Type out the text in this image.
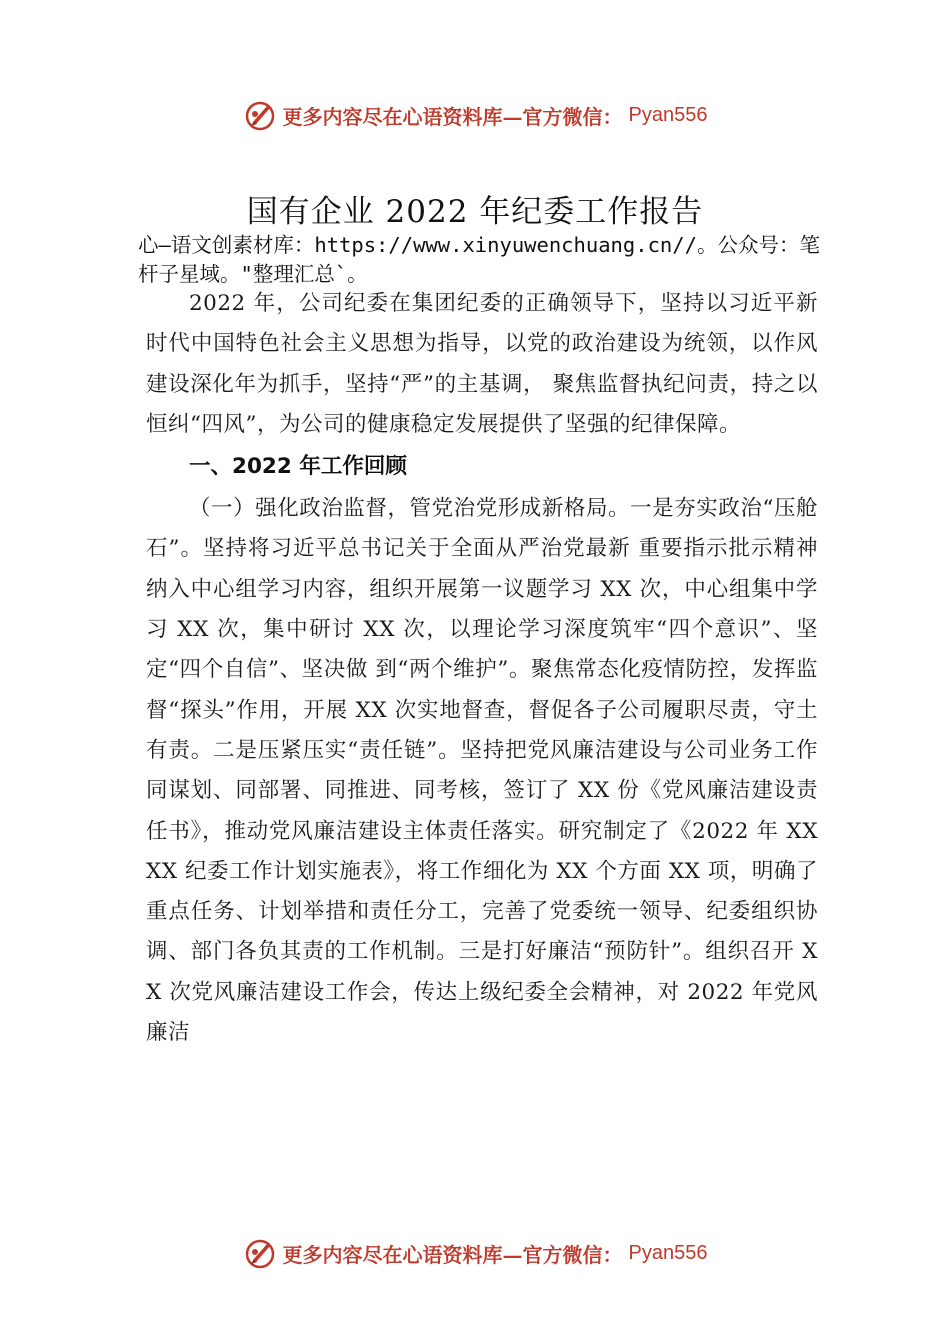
更多内容尽在心语资料库—官方微信： Pyan556
国有企业 2022 年纪委工作报告

心—语文创素材库：https://www.xinyuwenchuang.cn//。公众号：笔杆子星域。"整理汇总`。

2022 年，公司纪委在集团纪委的正确领导下，坚持以习近平新时代中国特色社会主义思想为指导，以党的政治建设为统领，以作风建设深化年为抓手，坚持“严”的主基调， 聚焦监督执纪问责，持之以恒纠“四风”，为公司的健康稳定发展提供了坚强的纪律保障。

一、2022 年工作回顾

（一）强化政治监督，管党治党形成新格局。一是夯实政治“压舱石”。坚持将习近平总书记关于全面从严治党最新 重要指示批示精神纳入中心组学习内容，组织开展第一议题学习 XX 次，中心组集中学习 XX 次，集中研讨 XX 次，以理论学习深度筑牢“四个意识”、坚定“四个自信”、坚决做 到“两个维护”。聚焦常态化疫情防控，发挥监督“探头”作用，开展 XX 次实地督查，督促各子公司履职尽责，守土有责。二是压紧压实“责任链”。坚持把党风廉洁建设与公司业务工作同谋划、同部署、同推进、同考核，签订了 XX 份《党风廉洁建设责任书》，推动党风廉洁建设主体责任落实。研究制定了《2022 年 XXXX 纪委工作计划实施表》，将工作细化为 XX 个方面 XX 项，明确了重点任务、计划举措和责任分工，完善了党委统一领导、纪委组织协调、部门各负其责的工作机制。三是打好廉洁“预防针”。组织召开 XX 次党风廉洁建设工作会，传达上级纪委全会精神，对 2022 年党风廉洁

更多内容尽在心语资料库—官方微信： Pyan556
